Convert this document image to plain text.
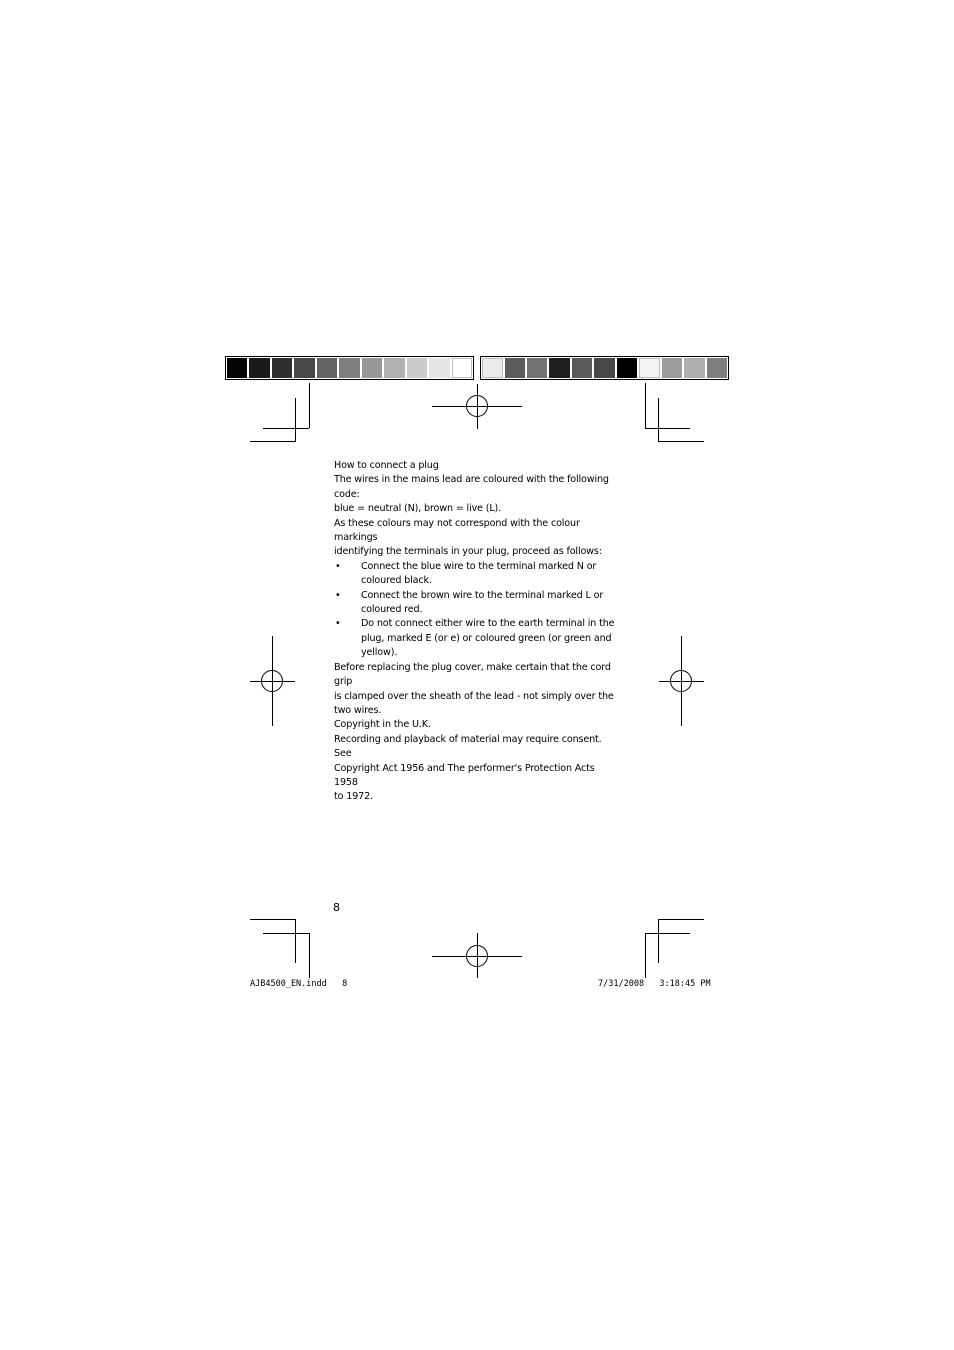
How to connect a plug

The wires in the mains lead are coloured with the following code:
blue = neutral (N), brown = live (L).

As these colours may not correspond with the colour markings
identifying the terminals in your plug, proceed as follows:

• Connect the blue wire to the terminal marked N or
coloured black.
• Connect the brown wire to the terminal marked L or
coloured red.
• Do not connect either wire to the earth terminal in the
plug, marked E (or e) or coloured green (or green and
yellow).

Before replacing the plug cover, make certain that the cord grip
is clamped over the sheath of the lead - not simply over the
two wires.

Copyright in the U.K.

Recording and playback of material may require consent. See
Copyright Act 1956 and The performer's Protection Acts 1958
to 1972.

8
AJB4500_EN.indd   8	7/31/2008   3:18:45 PM
